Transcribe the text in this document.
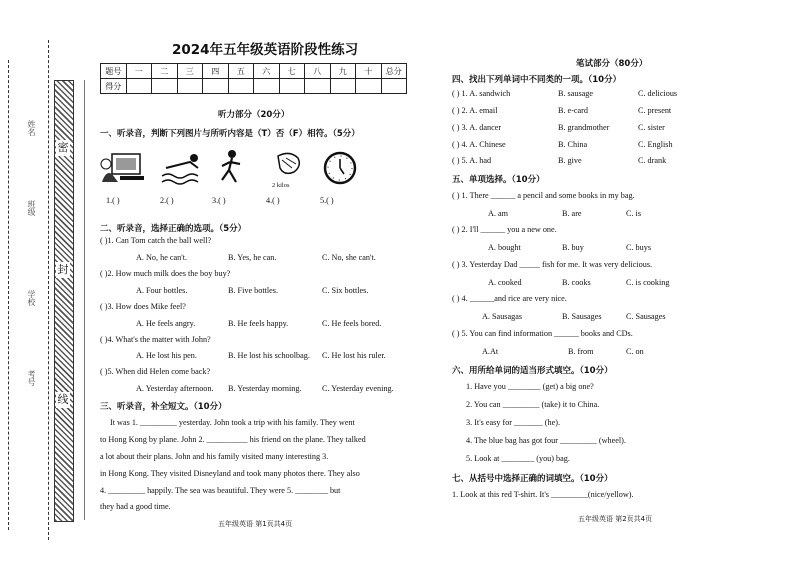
姓名
班级
学校
考号
密
封
线
2024年五年级英语阶段性练习
题号	一	二	三	四	五	六	七	八	九	十	总分
得分											
听力部分（20分）
一、听录音，判断下列图片与所听内容是（T）否（F）相符。（5分）
2 kilos
1.( )	2.( )	3.( )	4.( )	5.( )
二、听录音，选择正确的选项。（5分）
( )1. Can Tom catch the ball well?
A. No, he can't.	B. Yes, he can.	C. No, she can't.
( )2. How much milk does the boy buy?
A. Four bottles.	B. Five bottles.	C. Six bottles.
( )3. How does Mike feel?
A. He feels angry.	B. He feels happy.	C. He feels bored.
( )4. What's the matter with John?
A. He lost his pen.	B. He lost his schoolbag. C. He lost his ruler.
( )5. When did Helen come back?
A. Yesterday afternoon. B. Yesterday morning.	C. Yesterday evening.
三、听录音，补全短文。（10分）
It was 1. _________ yesterday. John took a trip with his family. They went
to Hong Kong by plane. John 2. __________ his friend on the plane. They talked
a lot about their plans. John and his family visited many interesting 3.
in Hong Kong. They visited Disneyland and took many photos there. They also
4. _________ happily. The sea was beautiful. They were 5. ________ but
they had a good time.
五年级英语 第1页共4页
笔试部分（80分）
四、找出下列单词中不同类的一项。（10分）
( ) 1. A. sandwich	B. sausage	C. delicious
( ) 2. A. email	B. e-card	C. present
( ) 3. A. dancer	B. grandmother	C. sister
( ) 4. A. Chinese	B. China	C. English
( ) 5. A. had	B. give	C. drank
五、单项选择。（10分）
( ) 1. There ______ a pencil and some books in my bag.
A. am	B. are	C. is
( ) 2. I'll ______ you a new one.
A. bought	B. buy	C. buys
( ) 3. Yesterday Dad _____ fish for me. It was very delicious.
A. cooked	B. cooks	C. is cooking
( ) 4. ______and rice are very nice.
A. Sausagas	B. Sausages	C. Sausages
( ) 5. You can find information ______ books and CDs.
A.At	B. from	C. on
六、用所给单词的适当形式填空。（10分）
1. Have you ________ (get) a big one?
2. You can _________ (take) it to China.
3. It's easy for _______ (he).
4. The blue bag has got four _________ (wheel).
5. Look at ________ (you) bag.
七、从括号中选择正确的词填空。（10分）
1. Look at this red T-shirt. It's _________(nice/yellow).
五年级英语 第2页共4页
